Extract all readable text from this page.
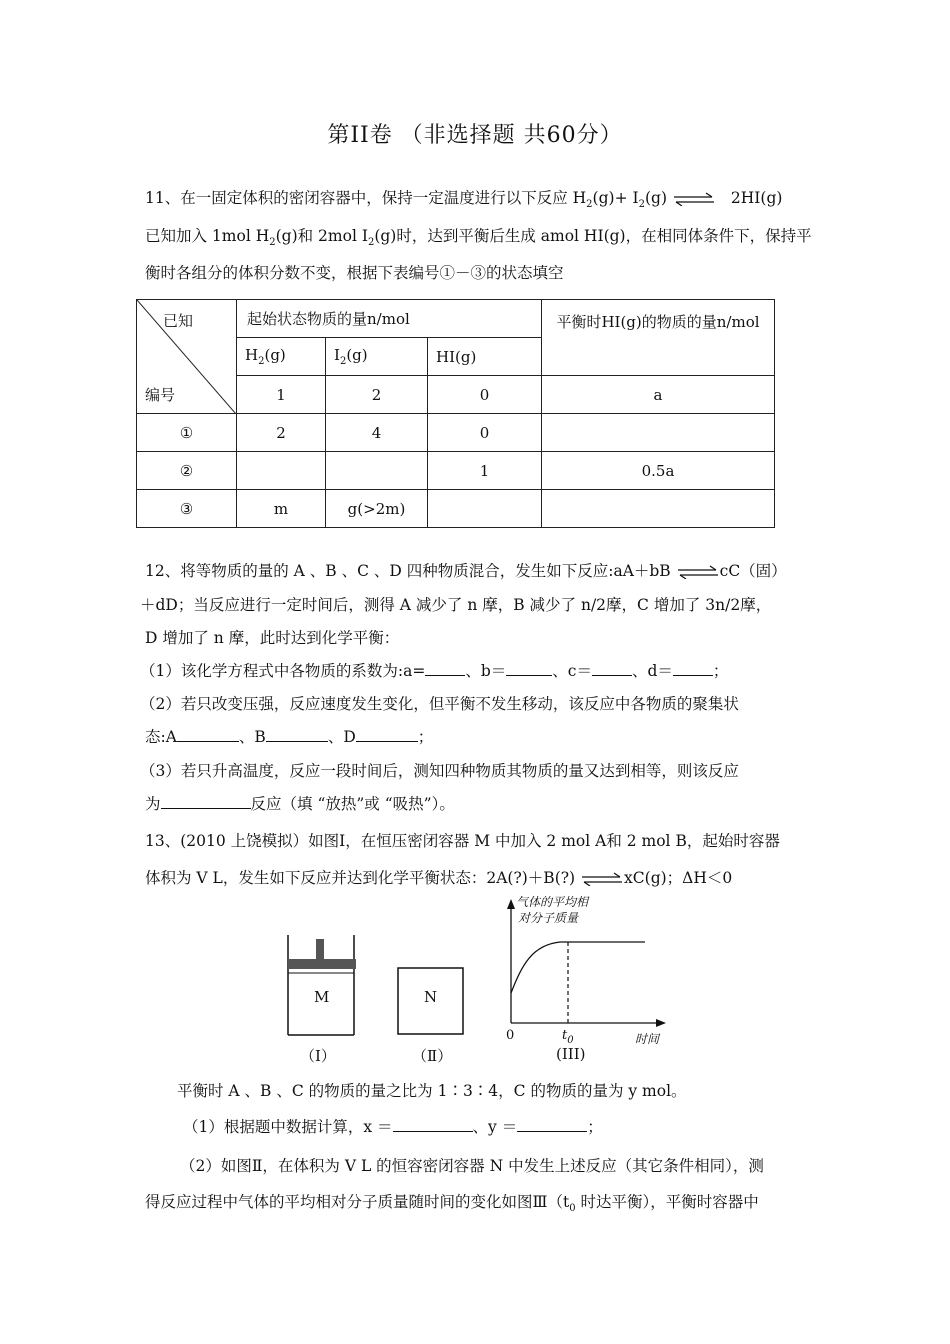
第II卷 （非选择题 共60分）
11、在一固定体积的密闭容器中，保持一定温度进行以下反应 $H_2(g)+ I_2(g)$ ⇌ 2HI(g)
已知加入 1mol $H_2(g)$和 2mol $I_2(g)$时，达到平衡后生成 amol HI(g)，在相同体条件下，保持平
衡时各组分的体积分数不变，根据下表编号①－③的状态填空
已知
编号	起始状态物质的量n/mol			平衡时HI(g)的物质的量n/mol
	$H_2(g)$	$I_2(g)$	HI(g)	
	1	2	0	a
①	2	4	0	
②			1	0.5a
③	m	g(>2m)		
12、将等物质的量的 A 、B 、C 、D 四种物质混合，发生如下反应:aA＋bB ⇌cC（固）
＋dD；当反应进行一定时间后，测得 A 减少了 n 摩，B 减少了 n/2摩，C 增加了 3n/2摩，
D 增加了 n 摩，此时达到化学平衡：
（1）该化学方程式中各物质的系数为:a=	、b＝	、c＝	、d＝	；
（2）若只改变压强，反应速度发生变化，但平衡不发生移动，该反应中各物质的聚集状
态:A	、B	、D	；
（3）若只升高温度，反应一段时间后，测知四种物质其物质的量又达到相等，则该反应
为	反应（填 “放热”或 “吸热”）。
13、(2010 上饶模拟）如图Ⅰ，在恒压密闭容器 M 中加入 2 mol A和 2 mol B，起始时容器
体积为 V L，发生如下反应并达到化学平衡状态：2A(?)＋B(?) ⇌xC(g)；ΔH＜0
M	N
（Ⅰ）	（Ⅱ）
气体的平均相
对分子质量
0	$t_0$	时间
(III)
平衡时 A 、B 、C 的物质的量之比为 1∶3∶4，C 的物质的量为 y mol。
（1）根据题中数据计算，x ＝	、y ＝	；
（2）如图Ⅱ，在体积为 V L 的恒容密闭容器 N 中发生上述反应（其它条件相同），测
得反应过程中气体的平均相对分子质量随时间的变化如图$Ⅲ(t_0$ 时达平衡），平衡时容器中
